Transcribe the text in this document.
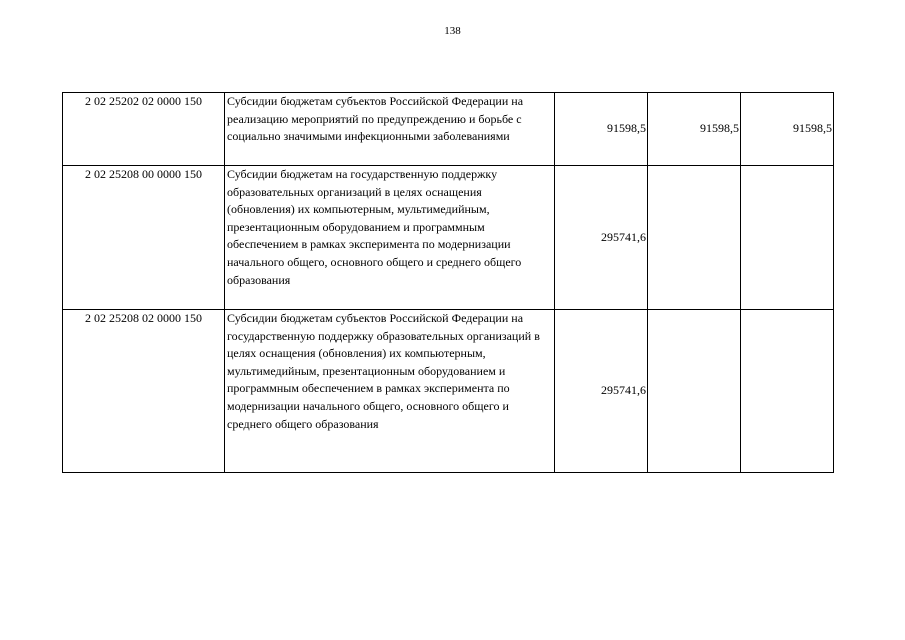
138
2 02 25202 02 0000 150	Субсидии бюджетам субъектов Российской Федерации на реализацию мероприятий по предупреждению и борьбе с социально значимыми инфекционными заболеваниями	91598,5	91598,5	91598,5

2 02 25208 00 0000 150	Субсидии бюджетам на государственную поддержку образовательных организаций в целях оснащения (обновления) их компьютерным, мультимедийным, презентационным оборудованием и программным обеспечением в рамках эксперимента по модернизации начального общего, основного общего и среднего общего образования	295741,6		

2 02 25208 02 0000 150	Субсидии бюджетам субъектов Российской Федерации на государственную поддержку образовательных организаций в целях оснащения (обновления) их компьютерным, мультимедийным, презентационным оборудованием и программным обеспечением в рамках эксперимента по модернизации начального общего, основного общего и среднего общего образования	295741,6		
